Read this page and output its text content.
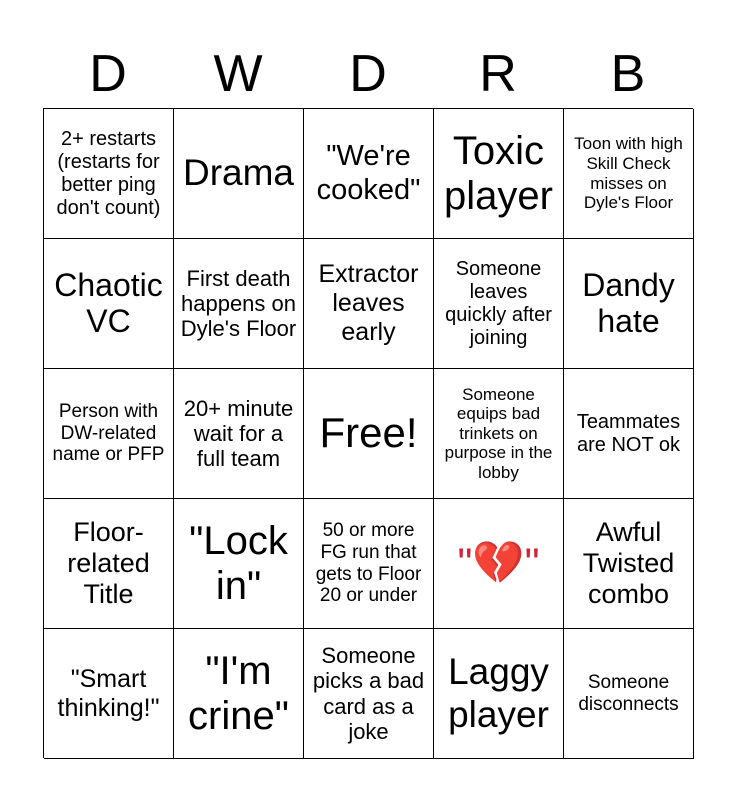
D	W	D	R	B
2+ restarts (restarts for better ping don't count)
Drama	"We're cooked"
Toxic player
Toon with high Skill Check misses on Dyle's Floor
Chaotic VC
First death happens on Dyle's Floor
Extractor leaves early
Someone leaves quickly after joining
Dandy hate
Person with DW-related name or PFP
20+ minute wait for a full team
Free!
Someone equips bad trinkets on purpose in the lobby
Teammates are NOT ok
Floor-related Title
"Lock in"
50 or more FG run that gets to Floor 20 or under
"💔"
Awful Twisted combo
"Smart thinking!"
"I'm crine"
Someone picks a bad card as a joke
Laggy player
Someone disconnects
